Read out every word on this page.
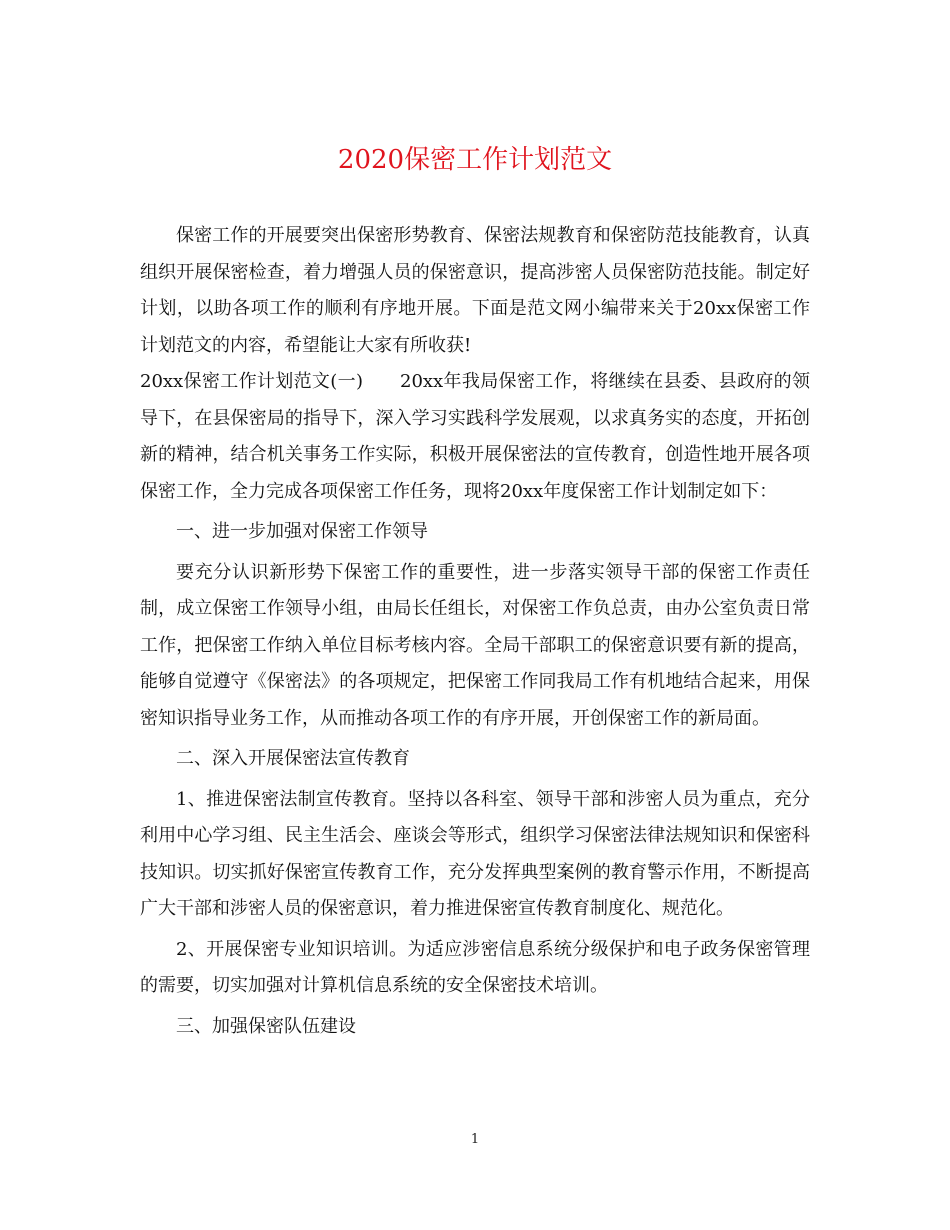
2020保密工作计划范文

保密工作的开展要突出保密形势教育、保密法规教育和保密防范技能教育，认真组织开展保密检查，着力增强人员的保密意识，提高涉密人员保密防范技能。制定好计划，以助各项工作的顺利有序地开展。下面是范文网小编带来关于20xx保密工作计划范文的内容，希望能让大家有所收获!

20xx保密工作计划范文(一)　　20xx年我局保密工作，将继续在县委、县政府的领导下，在县保密局的指导下，深入学习实践科学发展观，以求真务实的态度，开拓创新的精神，结合机关事务工作实际，积极开展保密法的宣传教育，创造性地开展各项保密工作，全力完成各项保密工作任务，现将20xx年度保密工作计划制定如下：

一、进一步加强对保密工作领导

要充分认识新形势下保密工作的重要性，进一步落实领导干部的保密工作责任制，成立保密工作领导小组，由局长任组长，对保密工作负总责，由办公室负责日常工作，把保密工作纳入单位目标考核内容。全局干部职工的保密意识要有新的提高，能够自觉遵守《保密法》的各项规定，把保密工作同我局工作有机地结合起来，用保密知识指导业务工作，从而推动各项工作的有序开展，开创保密工作的新局面。

二、深入开展保密法宣传教育

1、推进保密法制宣传教育。坚持以各科室、领导干部和涉密人员为重点，充分利用中心学习组、民主生活会、座谈会等形式，组织学习保密法律法规知识和保密科技知识。切实抓好保密宣传教育工作，充分发挥典型案例的教育警示作用，不断提高广大干部和涉密人员的保密意识，着力推进保密宣传教育制度化、规范化。

2、开展保密专业知识培训。为适应涉密信息系统分级保护和电子政务保密管理的需要，切实加强对计算机信息系统的安全保密技术培训。

三、加强保密队伍建设

1
